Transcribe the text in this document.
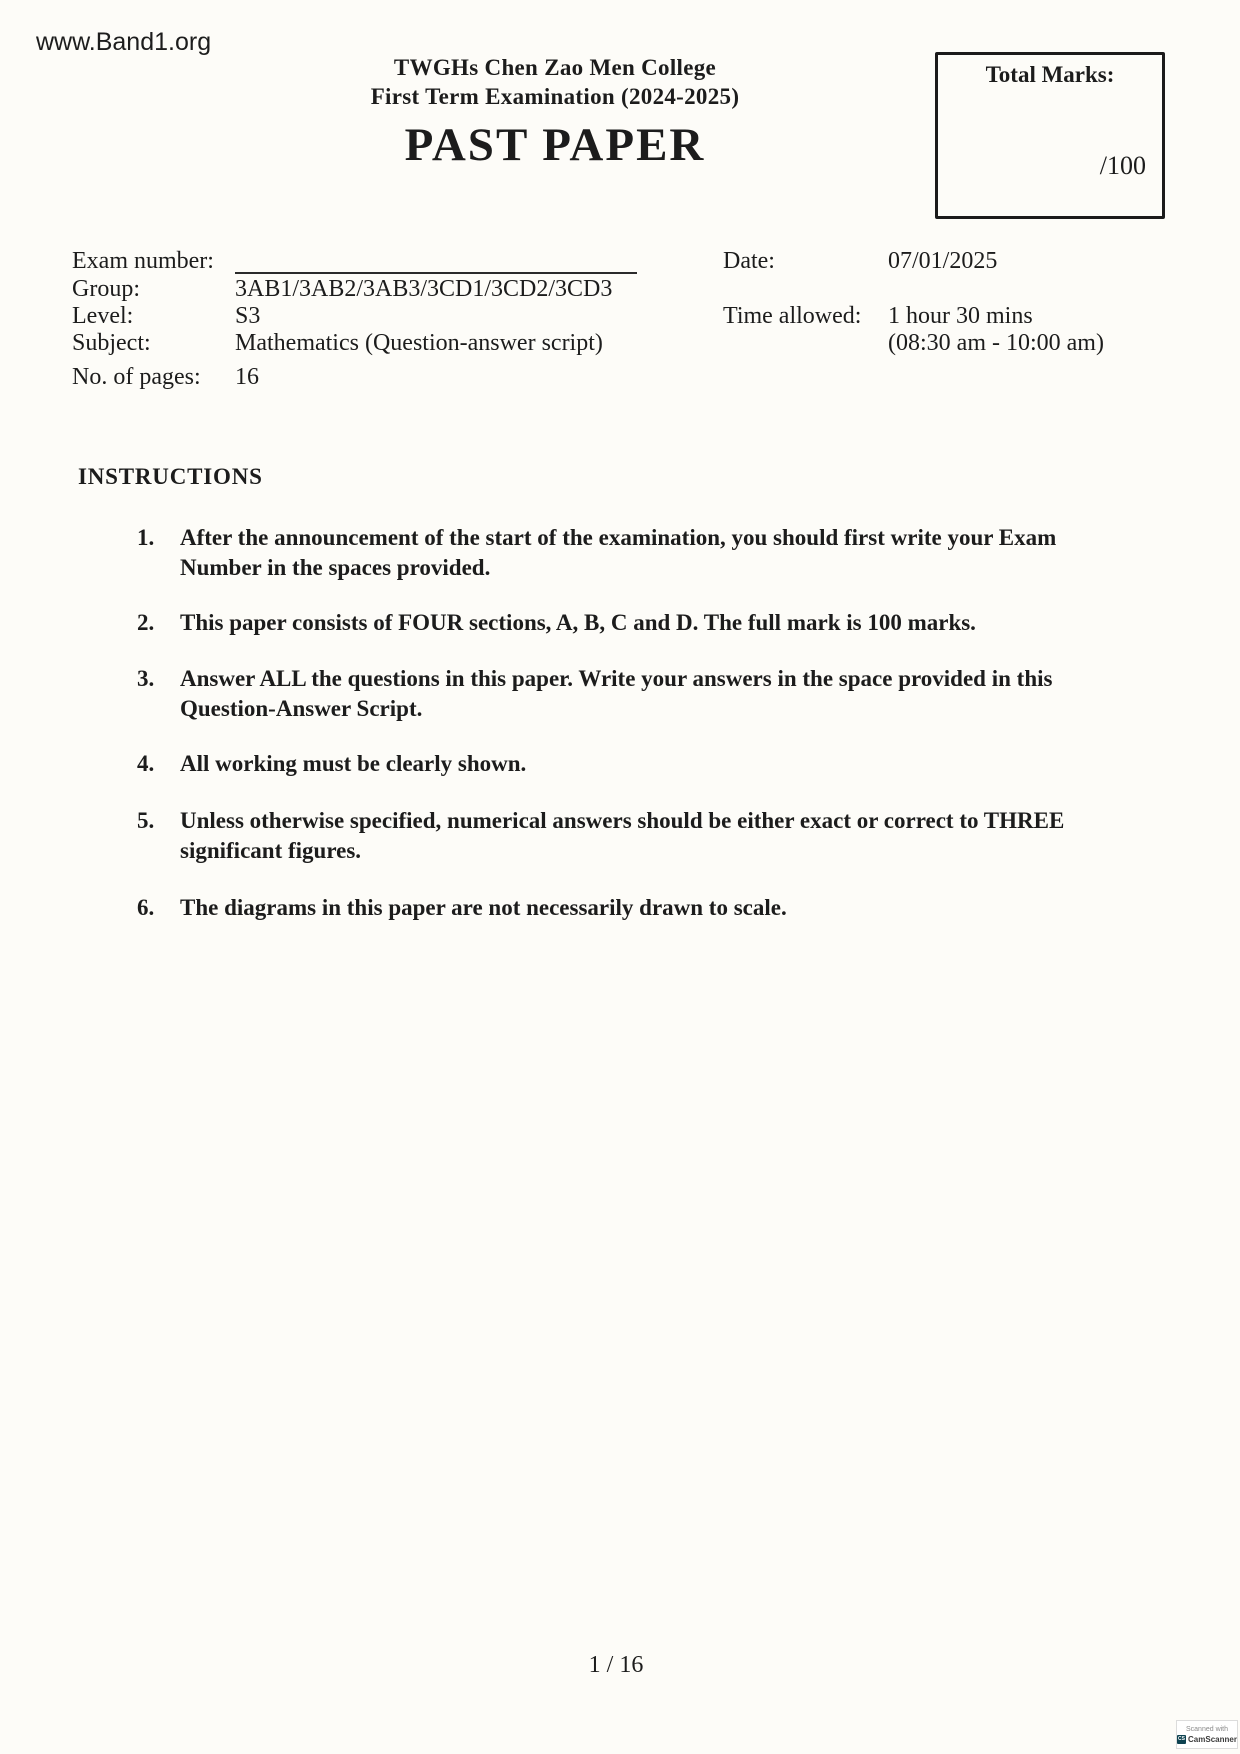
www.Band1.org
TWGHs Chen Zao Men College
First Term Examination (2024-2025)
PAST PAPER
Total Marks:
/100
Exam number:
Group:	3AB1/3AB2/3AB3/3CD1/3CD2/3CD3
Level:	S3
Subject:	Mathematics (Question-answer script)
No. of pages: 16
Date:	07/01/2025
Time allowed: 1 hour 30 mins
(08:30 am - 10:00 am)
INSTRUCTIONS
1.	After the announcement of the start of the examination, you should first write your Exam
Number in the spaces provided.
2.	This paper consists of FOUR sections, A, B, C and D. The full mark is 100 marks.
3.	Answer ALL the questions in this paper. Write your answers in the space provided in this
Question-Answer Script.
4.	All working must be clearly shown.
5.	Unless otherwise specified, numerical answers should be either exact or correct to THREE
significant figures.
6.	The diagrams in this paper are not necessarily drawn to scale.
1 / 16
Scanned with
CS CamScanner
